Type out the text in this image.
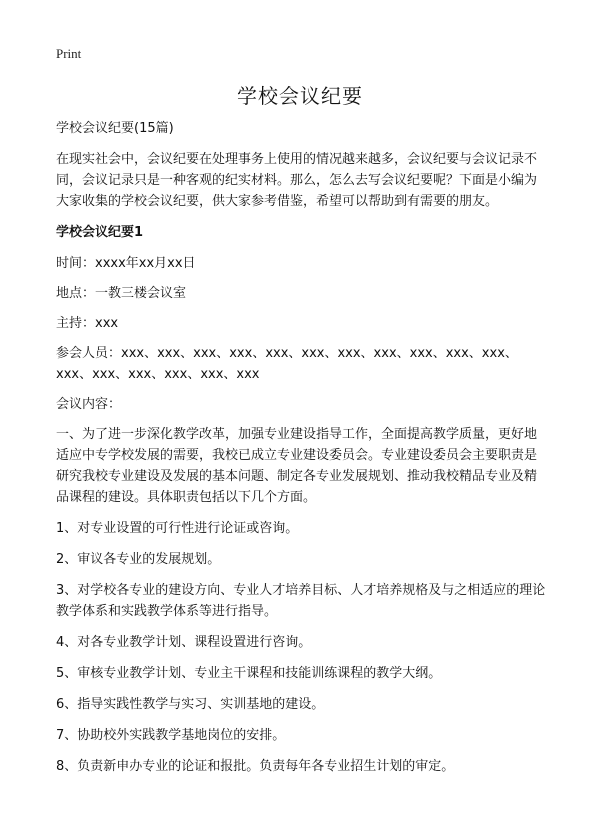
Print
学校会议纪要

学校会议纪要(15篇)

在现实社会中，会议纪要在处理事务上使用的情况越来越多，会议纪要与会议记录不同，会议记录只是一种客观的纪实材料。那么，怎么去写会议纪要呢？下面是小编为大家收集的学校会议纪要，供大家参考借鉴，希望可以帮助到有需要的朋友。

学校会议纪要1

时间：xxxx年xx月xx日

地点：一教三楼会议室

主持：xxx

参会人员：xxx、xxx、xxx、xxx、xxx、xxx、xxx、xxx、xxx、xxx、xxx、xxx、xxx、xxx、xxx、xxx、xxx

会议内容：

一、为了进一步深化教学改革，加强专业建设指导工作，全面提高教学质量，更好地适应中专学校发展的需要，我校已成立专业建设委员会。专业建设委员会主要职责是研究我校专业建设及发展的基本问题、制定各专业发展规划、推动我校精品专业及精品课程的建设。具体职责包括以下几个方面。

1、对专业设置的可行性进行论证或咨询。

2、审议各专业的发展规划。

3、对学校各专业的建设方向、专业人才培养目标、人才培养规格及与之相适应的理论教学体系和实践教学体系等进行指导。

4、对各专业教学计划、课程设置进行咨询。

5、审核专业教学计划、专业主干课程和技能训练课程的教学大纲。

6、指导实践性教学与实习、实训基地的建设。

7、协助校外实践教学基地岗位的安排。

8、负责新申办专业的论证和报批。负责每年各专业招生计划的审定。
